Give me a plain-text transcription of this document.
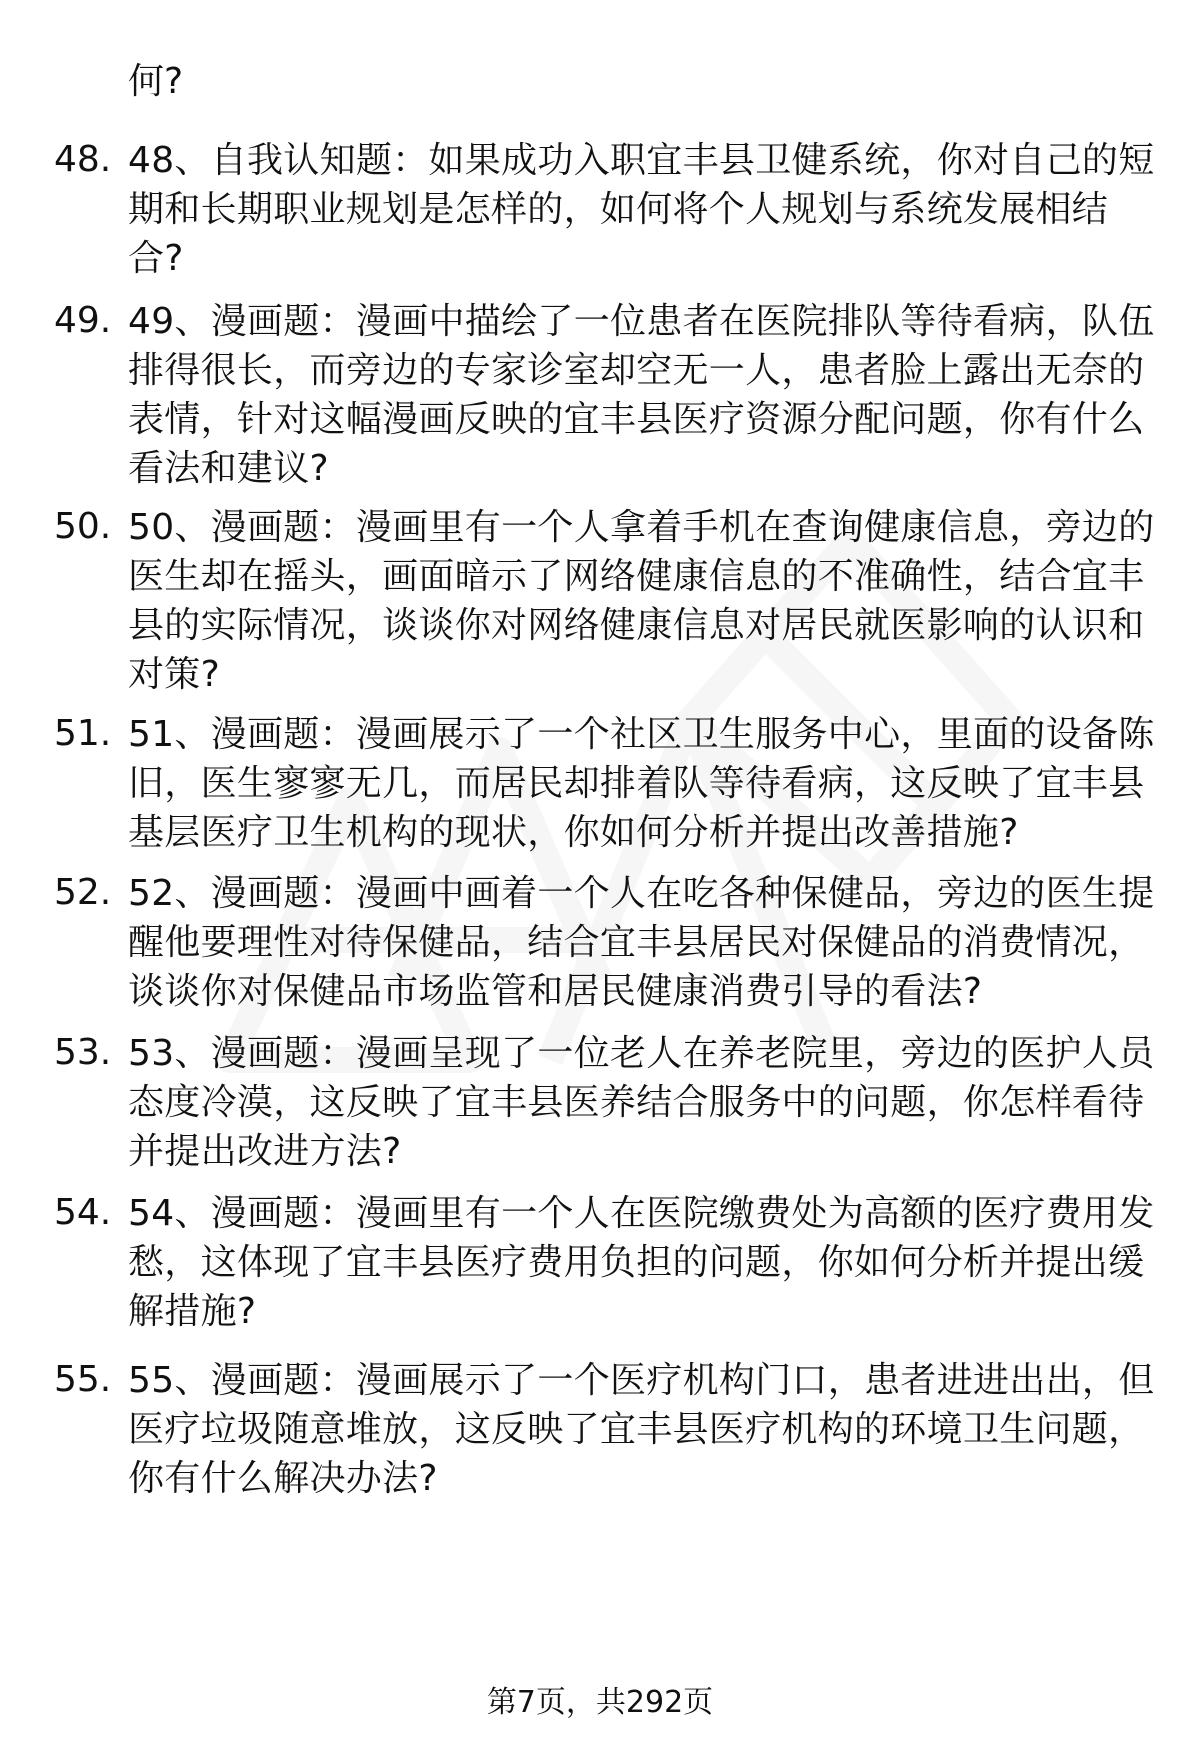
何?

48. 48、自我认知题：如果成功入职宜丰县卫健系统，你对自己的短期和长期职业规划是怎样的，如何将个人规划与系统发展相结合?

49. 49、漫画题：漫画中描绘了一位患者在医院排队等待看病，队伍排得很长，而旁边的专家诊室却空无一人，患者脸上露出无奈的表情，针对这幅漫画反映的宜丰县医疗资源分配问题，你有什么看法和建议?

50. 50、漫画题：漫画里有一个人拿着手机在查询健康信息，旁边的医生却在摇头，画面暗示了网络健康信息的不准确性，结合宜丰县的实际情况，谈谈你对网络健康信息对居民就医影响的认识和对策?

51. 51、漫画题：漫画展示了一个社区卫生服务中心，里面的设备陈旧，医生寥寥无几，而居民却排着队等待看病，这反映了宜丰县基层医疗卫生机构的现状，你如何分析并提出改善措施?

52. 52、漫画题：漫画中画着一个人在吃各种保健品，旁边的医生提醒他要理性对待保健品，结合宜丰县居民对保健品的消费情况，谈谈你对保健品市场监管和居民健康消费引导的看法?

53. 53、漫画题：漫画呈现了一位老人在养老院里，旁边的医护人员态度冷漠，这反映了宜丰县医养结合服务中的问题，你怎样看待并提出改进方法?

54. 54、漫画题：漫画里有一个人在医院缴费处为高额的医疗费用发愁，这体现了宜丰县医疗费用负担的问题，你如何分析并提出缓解措施?

55. 55、漫画题：漫画展示了一个医疗机构门口，患者进进出出，但医疗垃圾随意堆放，这反映了宜丰县医疗机构的环境卫生问题，你有什么解决办法?

第7页，共292页
